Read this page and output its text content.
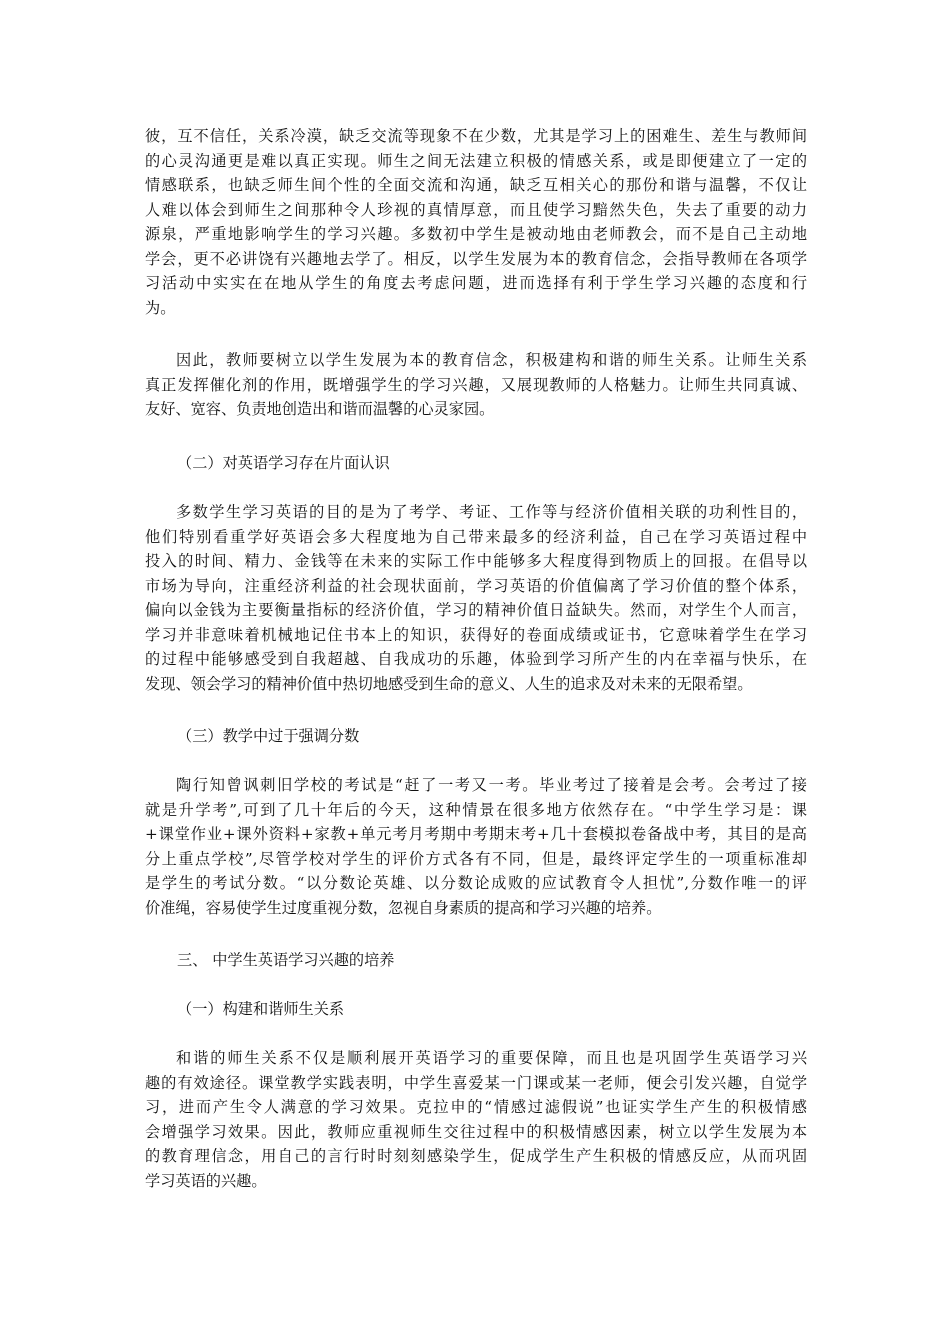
彼，互不信任，关系冷漠，缺乏交流等现象不在少数，尤其是学习上的困难生、差生与教师间
的心灵沟通更是难以真正实现。师生之间无法建立积极的情感关系，或是即便建立了一定的
情感联系，也缺乏师生间个性的全面交流和沟通，缺乏互相关心的那份和谐与温馨，不仅让
人难以体会到师生之间那种令人珍视的真情厚意，而且使学习黯然失色，失去了重要的动力
源泉，严重地影响学生的学习兴趣。多数初中学生是被动地由老师教会，而不是自己主动地
学会，更不必讲饶有兴趣地去学了。相反，以学生发展为本的教育信念，会指导教师在各项学
习活动中实实在在地从学生的角度去考虑问题，进而选择有利于学生学习兴趣的态度和行
为。
因此，教师要树立以学生发展为本的教育信念，积极建构和谐的师生关系。让师生关系
真正发挥催化剂的作用，既增强学生的学习兴趣，又展现教师的人格魅力。让师生共同真诚、
友好、宽容、负责地创造出和谐而温馨的心灵家园。
（二）对英语学习存在片面认识
多数学生学习英语的目的是为了考学、考证、工作等与经济价值相关联的功利性目的，
他们特别看重学好英语会多大程度地为自己带来最多的经济利益，自己在学习英语过程中
投入的时间、精力、金钱等在未来的实际工作中能够多大程度得到物质上的回报。在倡导以
市场为导向，注重经济利益的社会现状面前，学习英语的价值偏离了学习价值的整个体系，
偏向以金钱为主要衡量指标的经济价值，学习的精神价值日益缺失。然而，对学生个人而言，
学习并非意味着机械地记住书本上的知识，获得好的卷面成绩或证书，它意味着学生在学习
的过程中能够感受到自我超越、自我成功的乐趣，体验到学习所产生的内在幸福与快乐，在
发现、领会学习的精神价值中热切地感受到生命的意义、人生的追求及对未来的无限希望。
（三）教学中过于强调分数
陶行知曾讽刺旧学校的考试是“赶了一考又一考。毕业考过了接着是会考。会考过了接
就是升学考”,可到了几十年后的今天，这种情景在很多地方依然存在。“中学生学习是：课
+课堂作业+课外资料+家教+单元考月考期中考期末考+几十套模拟卷备战中考，其目的是高
分上重点学校”,尽管学校对学生的评价方式各有不同，但是，最终评定学生的一项重标准却
是学生的考试分数。“以分数论英雄、以分数论成败的应试教育令人担忧”,分数作唯一的评
价准绳，容易使学生过度重视分数，忽视自身素质的提高和学习兴趣的培养。
三、 中学生英语学习兴趣的培养
（一）构建和谐师生关系
和谐的师生关系不仅是顺利展开英语学习的重要保障，而且也是巩固学生英语学习兴
趣的有效途径。课堂教学实践表明，中学生喜爱某一门课或某一老师，便会引发兴趣，自觉学
习，进而产生令人满意的学习效果。克拉申的“情感过滤假说”也证实学生产生的积极情感
会增强学习效果。因此，教师应重视师生交往过程中的积极情感因素，树立以学生发展为本
的教育理信念，用自己的言行时时刻刻感染学生，促成学生产生积极的情感反应，从而巩固
学习英语的兴趣。
